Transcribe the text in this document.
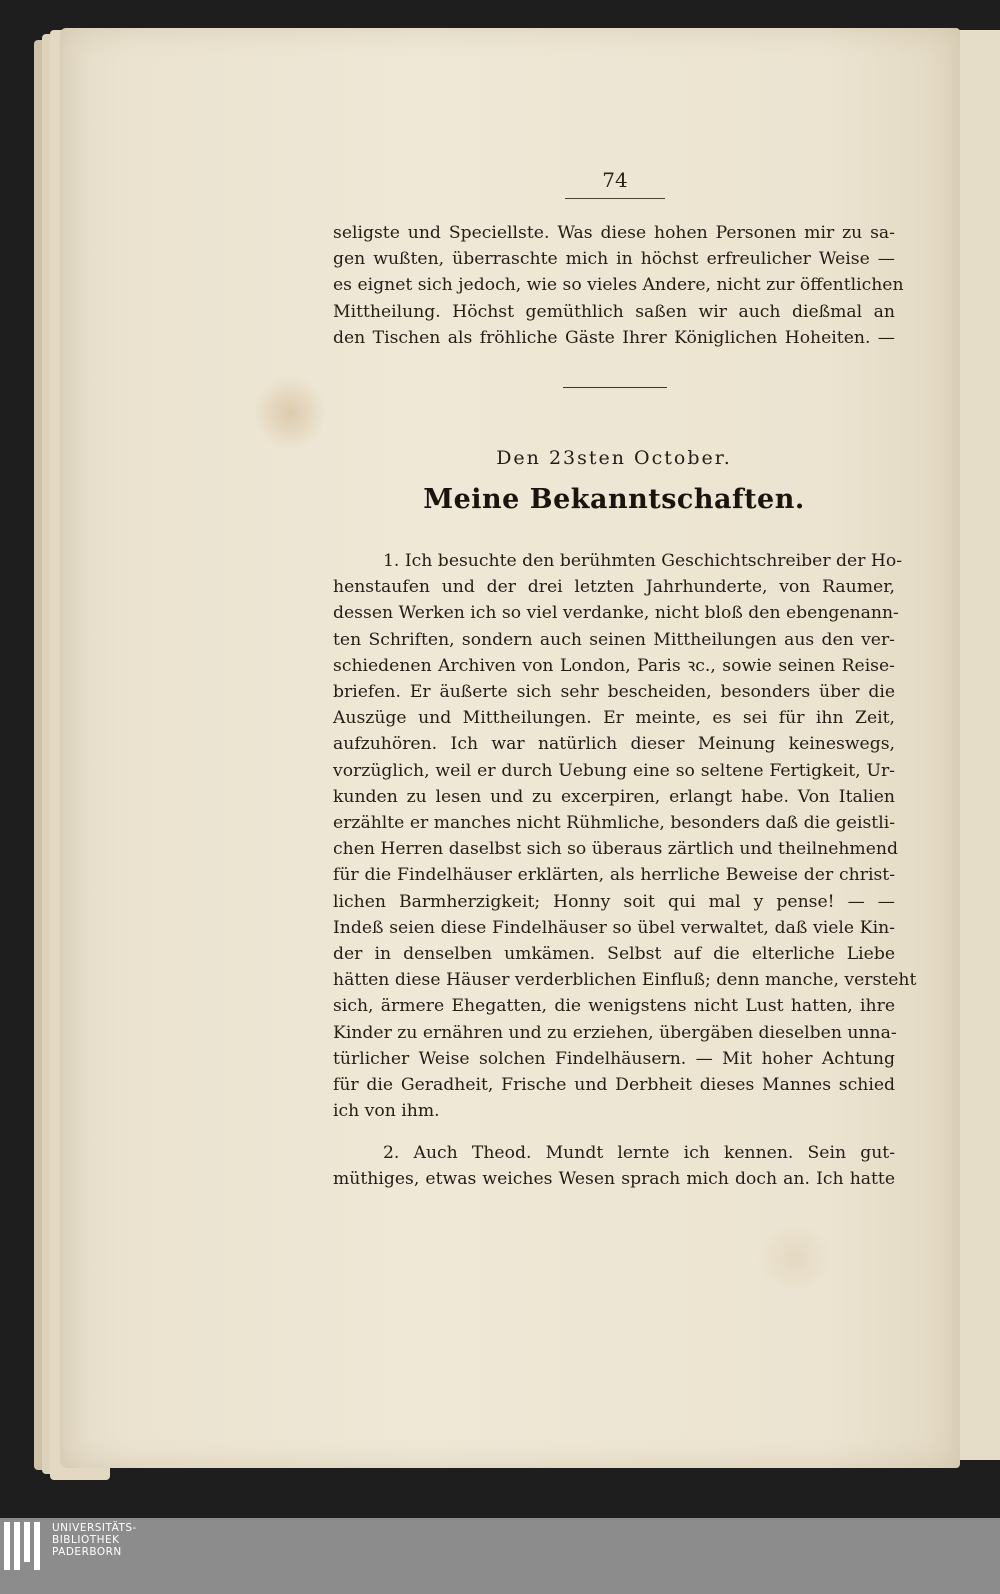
74
seligste und Speciellste. Was diese hohen Personen mir zu sa-
gen wußten, überraschte mich in höchst erfreulicher Weise —
es eignet sich jedoch, wie so vieles Andere, nicht zur öffentlichen
Mittheilung. Höchst gemüthlich saßen wir auch dießmal an
den Tischen als fröhliche Gäste Ihrer Königlichen Hoheiten. —
Den 23sten October.
Meine Bekanntschaften.
1. Ich besuchte den berühmten Geschichtschreiber der Ho-
henstaufen und der drei letzten Jahrhunderte, von Raumer,
dessen Werken ich so viel verdanke, nicht bloß den ebengenann-
ten Schriften, sondern auch seinen Mittheilungen aus den ver-
schiedenen Archiven von London, Paris ꝛc., sowie seinen Reise-
briefen. Er äußerte sich sehr bescheiden, besonders über die
Auszüge und Mittheilungen. Er meinte, es sei für ihn Zeit,
aufzuhören. Ich war natürlich dieser Meinung keineswegs,
vorzüglich, weil er durch Uebung eine so seltene Fertigkeit, Ur-
kunden zu lesen und zu excerpiren, erlangt habe. Von Italien
erzählte er manches nicht Rühmliche, besonders daß die geistli-
chen Herren daselbst sich so überaus zärtlich und theilnehmend
für die Findelhäuser erklärten, als herrliche Beweise der christ-
lichen Barmherzigkeit; Honny soit qui mal y pense! — —
Indeß seien diese Findelhäuser so übel verwaltet, daß viele Kin-
der in denselben umkämen. Selbst auf die elterliche Liebe
hätten diese Häuser verderblichen Einfluß; denn manche, versteht
sich, ärmere Ehegatten, die wenigstens nicht Lust hatten, ihre
Kinder zu ernähren und zu erziehen, übergäben dieselben unna-
türlicher Weise solchen Findelhäusern. — Mit hoher Achtung
für die Geradheit, Frische und Derbheit dieses Mannes schied
ich von ihm.
2. Auch Theod. Mundt lernte ich kennen. Sein gut-
müthiges, etwas weiches Wesen sprach mich doch an. Ich hatte
UNIVERSITÄTS-
BIBLIOTHEK
PADERBORN
